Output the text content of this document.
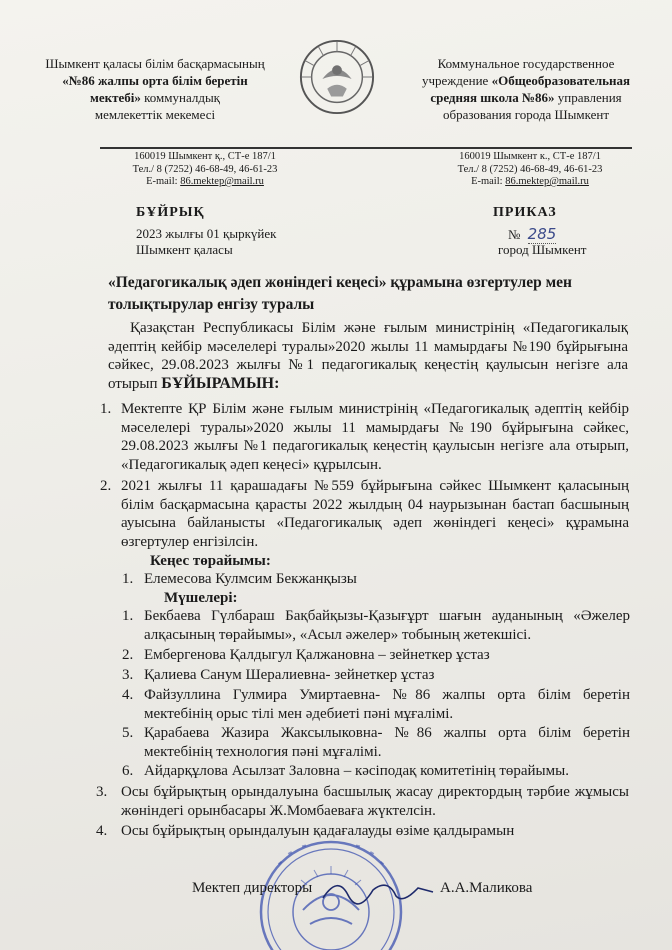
Шымкент қаласы білім басқармасының
«№86 жалпы орта білім беретін
мектебі» коммуналдық
мемлекеттік мекемесі
Коммунальное государственное
учреждение «Общеобразовательная
средняя школа №86» управления
образования города Шымкент
160019 Шымкент қ., СТ-е 187/1
Тел./ 8 (7252) 46-68-49, 46-61-23
E-mail: 86.mektep@mail.ru
160019 Шымкент к., СТ-е 187/1
Тел./ 8 (7252) 46-68-49, 46-61-23
E-mail: 86.mektep@mail.ru
БҰЙРЫҚ
2023 жылғы 01 қыркүйек
Шымкент қаласы
ПРИКАЗ
№ 285
город Шымкент
«Педагогикалық әдеп жөніндегі кеңесі» құрамына өзгертулер мен толықтырулар енгізу туралы
Қазақстан Республикасы Білім және ғылым министрінің «Педагогикалық әдептің кейбір мәселелері туралы»2020 жылы 11 мамырдағы №190 бұйрығына сәйкес, 29.08.2023 жылғы №1 педагогикалық кеңестің қаулысын негізге ала отырып БҰЙЫРАМЫН:
1. Мектепте ҚР Білім және ғылым министрінің «Педагогикалық әдептің кейбір мәселелері туралы»2020 жылы 11 мамырдағы №190 бұйрығына сәйкес, 29.08.2023 жылғы №1 педагогикалық кеңестің қаулысын негізге ала отырып, «Педагогикалық әдеп кеңесі» құрылсын.
2. 2021 жылғы 11 қарашадағы №559 бұйрығына сәйкес Шымкент қаласының білім басқармасына қарасты 2022 жылдың 04 наурызынан бастап басшының ауысына байланысты «Педагогикалық әдеп жөніндегі кеңесі» құрамына өзгертулер енгізілсін.
Кеңес төрайымы:
1. Елемесова Кулмсим Бекжанқызы
Мүшелері:
1. Бекбаева Гүлбараш Бақбайқызы-Қазығұрт шағын ауданының «Әжелер алқасының төрайымы», «Асыл әжелер» тобының жетекшісі.
2. Ембергенова Қалдыгул Қалжановна – зейнеткер ұстаз
3. Қалиева Санум Шералиевна- зейнеткер ұстаз
4. Файзуллина Гулмира Умиртаевна- №86 жалпы орта білім беретін мектебінің орыс тілі мен әдебиеті пәні мұғалімі.
5. Қарабаева Жазира Жаксылыковна- №86 жалпы орта білім беретін мектебінің технология пәні мұғалімі.
6. Айдарқұлова Асылзат Заловна – кәсіподақ комитетінің төрайымы.
3. Осы бұйрықтың орындалуына басшылық жасау директордың тәрбие жұмысы жөніндегі орынбасары Ж.Момбаеваға жүктелсін.
4. Осы бұйрықтың орындалуын қадағалауды өзіме қалдырамын
Мектеп директоры	А.А.Маликова
